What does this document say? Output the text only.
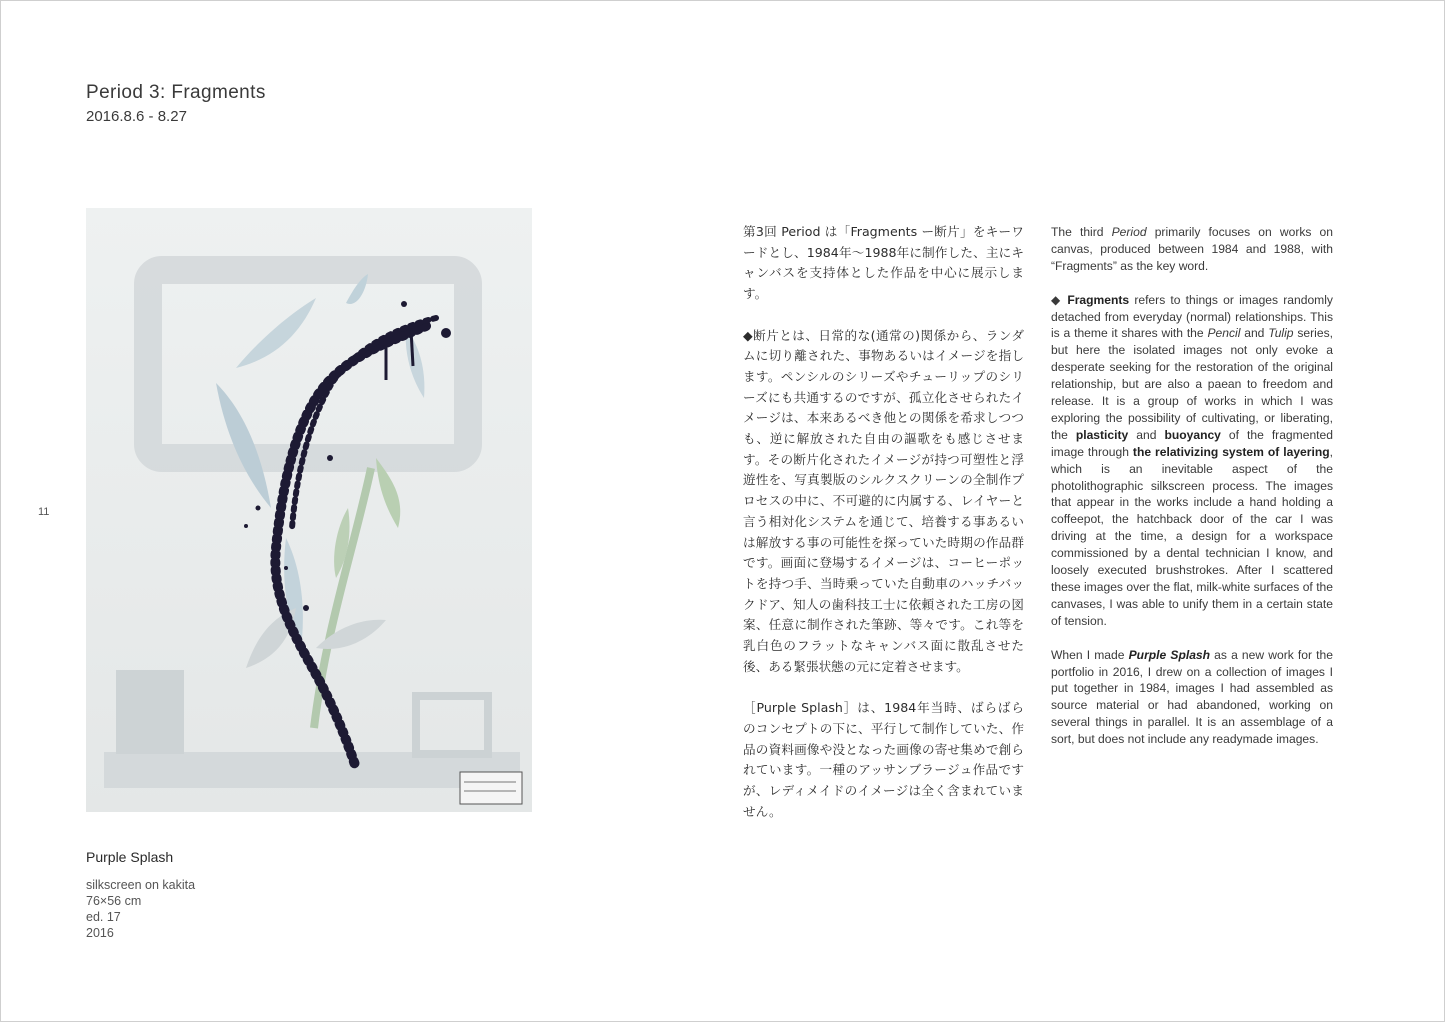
Period 3: Fragments
2016.8.6 - 8.27
11
Purple Splash
silkscreen on kakita
76×56 cm
ed. 17
2016

第3回 Period は「Fragments ー断片」をキーワードとし、1984年〜1988年に制作した、主にキャンバスを支持体とした作品を中心に展示します。

◆断片とは、日常的な(通常の)関係から、ランダムに切り離された、事物あるいはイメージを指します。ペンシルのシリーズやチューリップのシリーズにも共通するのですが、孤立化させられたイメージは、本来あるべき他との関係を希求しつつも、逆に解放された自由の謳歌をも感じさせます。その断片化されたイメージが持つ可塑性と浮遊性を、写真製版のシルクスクリーンの全制作プロセスの中に、不可避的に内属する、レイヤーと言う相対化システムを通じて、培養する事あるいは解放する事の可能性を探っていた時期の作品群です。画面に登場するイメージは、コーヒーポットを持つ手、当時乗っていた自動車のハッチバックドア、知人の歯科技工士に依頼された工房の図案、任意に制作された筆跡、等々です。これ等を乳白色のフラットなキャンバス面に散乱させた後、ある緊張状態の元に定着させます。

［Purple Splash］は、1984年当時、ばらばらのコンセプトの下に、平行して制作していた、作品の資料画像や没となった画像の寄せ集めで創られています。一種のアッサンブラージュ作品ですが、レディメイドのイメージは全く含まれていません。

The third Period primarily focuses on works on canvas, produced between 1984 and 1988, with “Fragments” as the key word.

◆ Fragments refers to things or images randomly detached from everyday (normal) relationships. This is a theme it shares with the Pencil and Tulip series, but here the isolated images not only evoke a desperate seeking for the restoration of the original relationship, but are also a paean to freedom and release. It is a group of works in which I was exploring the possibility of cultivating, or liberating, the plasticity and buoyancy of the fragmented image through the relativizing system of layering, which is an inevitable aspect of the photolithographic silkscreen process. The images that appear in the works include a hand holding a coffeepot, the hatchback door of the car I was driving at the time, a design for a workspace commissioned by a dental technician I know, and loosely executed brushstrokes. After I scattered these images over the flat, milk-white surfaces of the canvases, I was able to unify them in a certain state of tension.

When I made Purple Splash as a new work for the portfolio in 2016, I drew on a collection of images I put together in 1984, images I had assembled as source material or had abandoned, working on several things in parallel. It is an assemblage of a sort, but does not include any readymade images.
